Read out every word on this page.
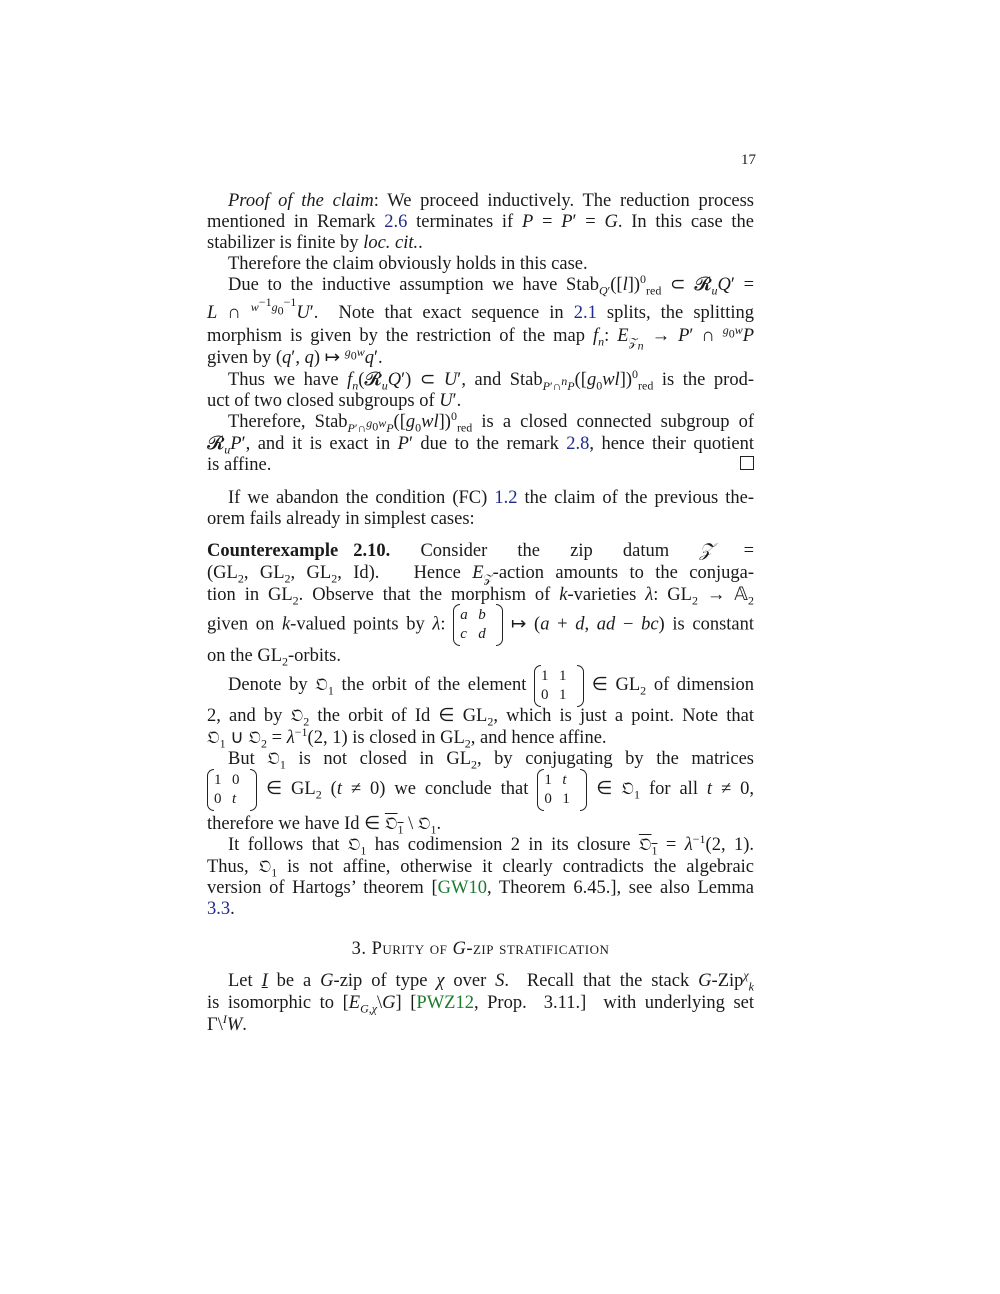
17
Proof of the claim: We proceed inductively. The reduction process
mentioned in Remark 2.6 terminates if P = P′ = G. In this case the
stabilizer is finite by loc. cit..
Therefore the claim obviously holds in this case.
Due to the inductive assumption we have $Stab_{Q'}([l])^0_{red}$ ⊂ 𝓡$_u$Q′ =
L ∩ $^{w^{-1}g_0^{-1}}$U′.  Note that exact sequence in 2.1 splits, the splitting
morphism is given by the restriction of the map $f_n$: $E_{𝒵_n} \to P'$ ∩ $^{g_0w}$P
given by (q′, q) ↦ $^{g_0w}$q′.
Thus we have $f_n(𝓡_uQ')$ ⊂ U′, and $Stab_{P'\cap^nP}([g_0wl])^0_{red}$ is the prod-
uct of two closed subgroups of U′.
Therefore, $Stab_{P'\cap^{g_0w}P}([g_0wl])^0_{red}$ is a closed connected subgroup of
𝓡$_u$P′, and it is exact in P′ due to the remark 2.8, hence their quotient
is affine.
If we abandon the condition (FC) 1.2 the claim of the previous the-
orem fails already in simplest cases:
Counterexample 2.10.  Consider  the  zip  datum  𝒵  =
($GL_2$, $GL_2$, $GL_2$, Id).   Hence $E_𝒵$-action amounts to the conjuga-
tion in $GL_2$. Observe that the morphism of k-varieties λ: $GL_2$ → 𝔸$_2$
given on k-valued points by λ: a b
c d ↦ (a + d, ad − bc) is constant
on the $GL_2$-orbits.
Denote by 𝔒$_1$ the orbit of the element 1 1
0 1 ∈ $GL_2$ of dimension
2, and by 𝔒$_2$ the orbit of Id ∈ $GL_2$, which is just a point. Note that
𝔒$_1$ ∪ 𝔒$_2$ = $\lambda^{-1}(2$, 1) is closed in $GL_2$, and hence affine.
But  𝔒$_1$  is  not  closed  in  $GL_2$,  by  conjugating  by  the  matrices
1 0
0 t	∈ $GL_2$ (t ≠ 0) we conclude that 1 t
0 1 ∈ 𝔒$_1$ for all t ≠ 0,
therefore we have Id ∈ 𝔒$_1$ \ 𝔒$_1$.
It follows that 𝔒$_1$ has codimension 2 in its closure 𝔒$_1$ = $\lambda^{-1}(2$, 1).
Thus, 𝔒$_1$ is not affine, otherwise it clearly contradicts the algebraic
version of Hartogs’ theorem [GW10, Theorem 6.45.], see also Lemma
3.3.
3. Purity of G-zip stratification
Let I be a G-zip of type χ over S.  Recall that the stack G-Zip$^\chi_k$
is isomorphic to $[E_{G,\chi}\backslash G]$ [PWZ12, Prop.  3.11.]  with underlying set
Γ\$^I$W.
